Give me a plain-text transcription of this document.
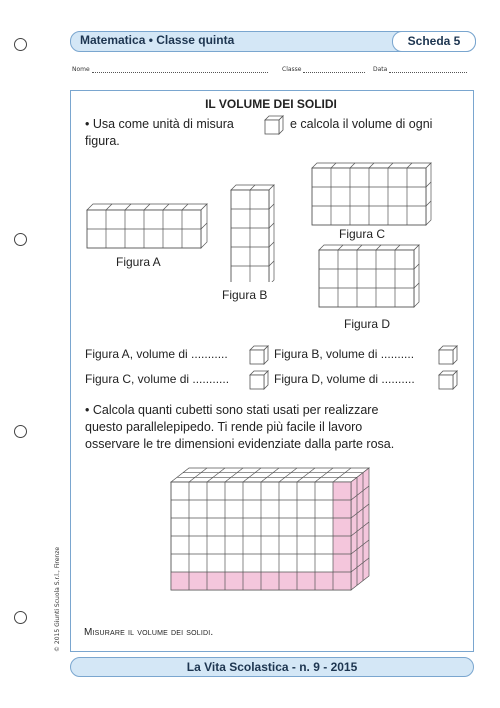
Matematica • Classe quinta	Scheda 5
Nome	Classe	Data
IL VOLUME DEI SOLIDI
• Usa come unità di misura	e calcola il volume di ogni
figura.
Figura A
Figura B
Figura C
Figura D
Figura A, volume di ...........	Figura B, volume di ..........
Figura C, volume di ...........	Figura D, volume di ..........
• Calcola quanti cubetti sono stati usati per realizzare
questo parallelepipedo. Ti rende più facile il lavoro
osservare le tre dimensioni evidenziate dalla parte rosa.
Misurare il volume dei solidi.
La Vita Scolastica - n. 9 - 2015
© 2015 Giunti Scuola S.r.l., Firenze
